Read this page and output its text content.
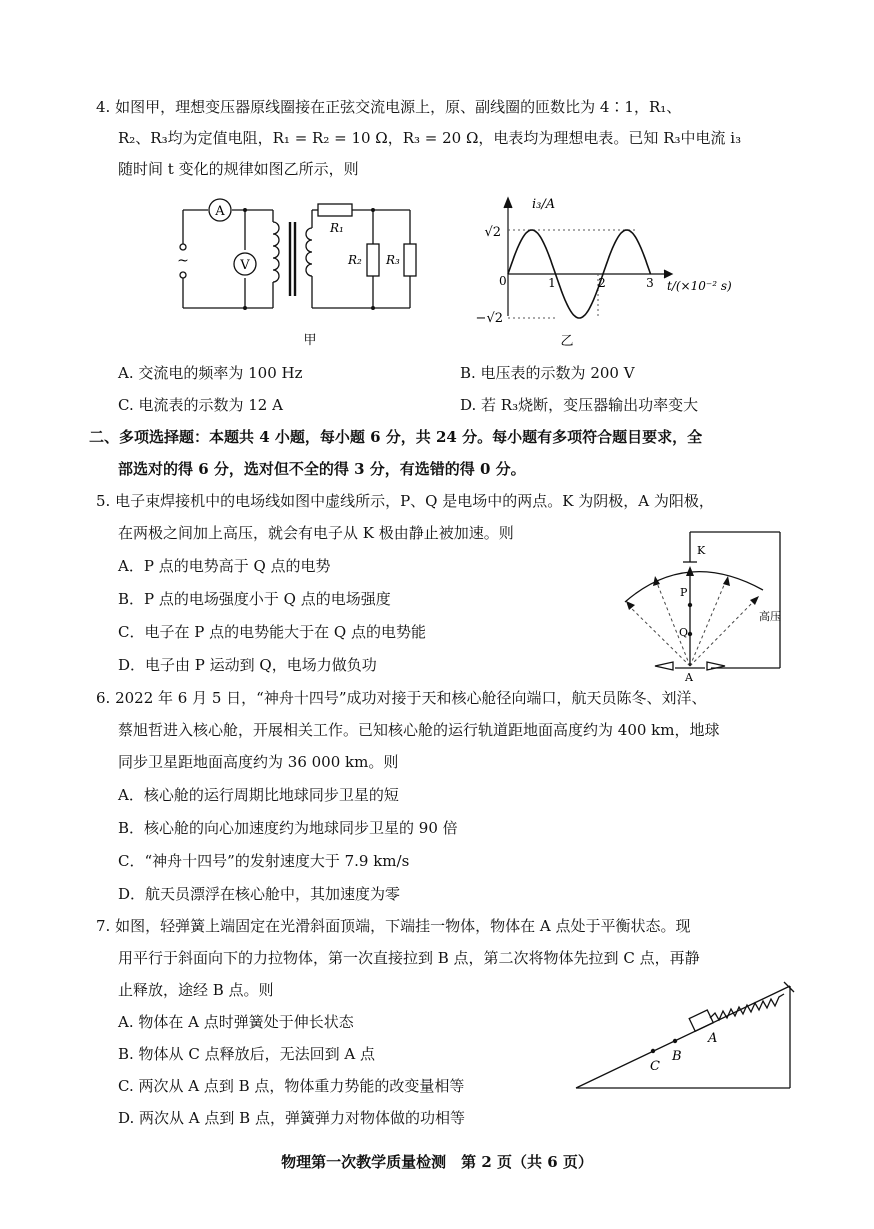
4. 如图甲，理想变压器原线圈接在正弦交流电源上，原、副线圈的匝数比为 4∶1，R₁、
R₂、R₃均为定值电阻，R₁ = R₂ = 10 Ω，R₃ = 20 Ω，电表均为理想电表。已知 R₃中电流 i₃
随时间 t 变化的规律如图乙所示，则
A
V
~
R₁
R₂ R₃
甲
i₃/A
√2
−√2
0	1	2	3 t/(×10⁻² s)
乙
A. 交流电的频率为 100 Hz	B. 电压表的示数为 200 V
C. 电流表的示数为 12 A	D. 若 R₃烧断，变压器输出功率变大
二、多项选择题：本题共 4 小题，每小题 6 分，共 24 分。每小题有多项符合题目要求，全
部选对的得 6 分，选对但不全的得 3 分，有选错的得 0 分。
5. 电子束焊接机中的电场线如图中虚线所示，P、Q 是电场中的两点。K 为阴极，A 为阳极，
在两极之间加上高压，就会有电子从 K 极由静止被加速。则
A．P 点的电势高于 Q 点的电势
B．P 点的电场强度小于 Q 点的电场强度
C．电子在 P 点的电势能大于在 Q 点的电势能
D．电子由 P 运动到 Q，电场力做负功
K
P
Q
A
高压
6. 2022 年 6 月 5 日，“神舟十四号”成功对接于天和核心舱径向端口，航天员陈冬、刘洋、
蔡旭哲进入核心舱，开展相关工作。已知核心舱的运行轨道距地面高度约为 400 km，地球
同步卫星距地面高度约为 36 000 km。则
A．核心舱的运行周期比地球同步卫星的短
B．核心舱的向心加速度约为地球同步卫星的 90 倍
C．“神舟十四号”的发射速度大于 7.9 km/s
D．航天员漂浮在核心舱中，其加速度为零
7. 如图，轻弹簧上端固定在光滑斜面顶端，下端挂一物体，物体在 A 点处于平衡状态。现
用平行于斜面向下的力拉物体，第一次直接拉到 B 点，第二次将物体先拉到 C 点，再静
止释放，途经 B 点。则
A. 物体在 A 点时弹簧处于伸长状态
B. 物体从 C 点释放后，无法回到 A 点
C. 两次从 A 点到 B 点，物体重力势能的改变量相等
D. 两次从 A 点到 B 点，弹簧弹力对物体做的功相等
A
B
C
物理第一次教学质量检测　第 2 页（共 6 页）
